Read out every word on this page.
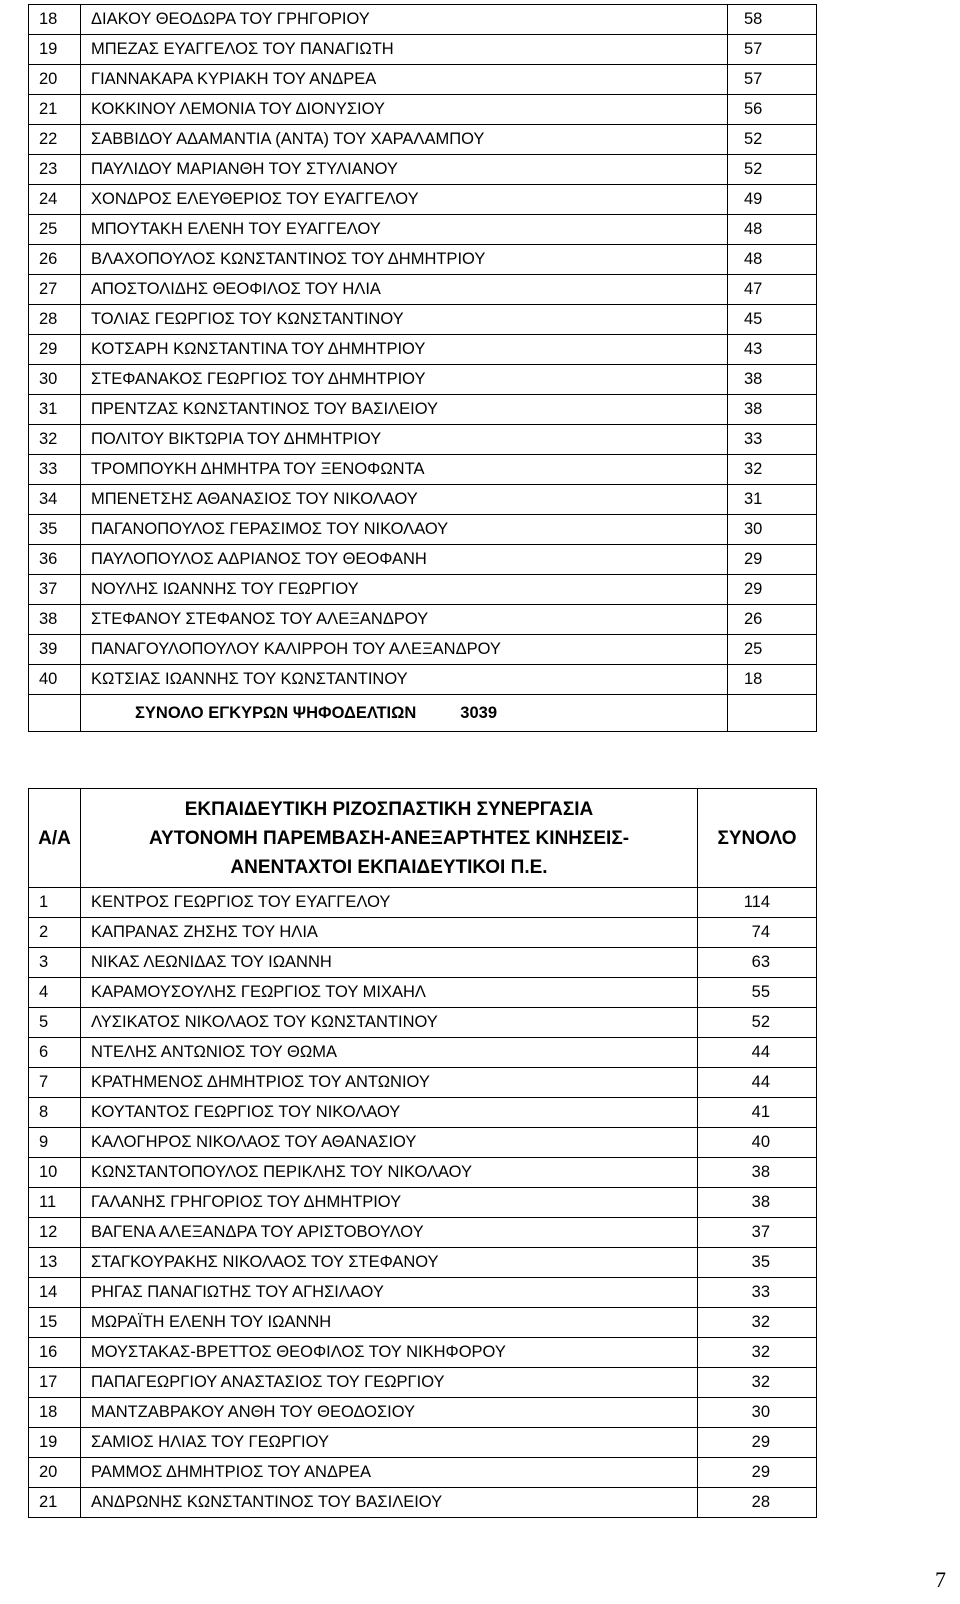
18	ΔΙΑΚΟΥ ΘΕΟΔΩΡΑ ΤΟΥ ΓΡΗΓΟΡΙΟΥ	58
19	ΜΠΕΖΑΣ ΕΥΑΓΓΕΛΟΣ ΤΟΥ ΠΑΝΑΓΙΩΤΗ	57
20	ΓΙΑΝΝΑΚΑΡΑ ΚΥΡΙΑΚΗ ΤΟΥ ΑΝΔΡΕΑ	57
21	ΚΟΚΚΙΝΟΥ ΛΕΜΟΝΙΑ ΤΟΥ ΔΙΟΝΥΣΙΟΥ	56
22	ΣΑΒΒΙΔΟΥ ΑΔΑΜΑΝΤΙΑ (ΑΝΤΑ) ΤΟΥ ΧΑΡΑΛΑΜΠΟΥ	52
23	ΠΑΥΛΙΔΟΥ ΜΑΡΙΑΝΘΗ ΤΟΥ ΣΤΥΛΙΑΝΟΥ	52
24	ΧΟΝΔΡΟΣ ΕΛΕΥΘΕΡΙΟΣ ΤΟΥ ΕΥΑΓΓΕΛΟΥ	49
25	ΜΠΟΥΤΑΚΗ ΕΛΕΝΗ ΤΟΥ ΕΥΑΓΓΕΛΟΥ	48
26	ΒΛΑΧΟΠΟΥΛΟΣ ΚΩΝΣΤΑΝΤΙΝΟΣ ΤΟΥ ΔΗΜΗΤΡΙΟΥ	48
27	ΑΠΟΣΤΟΛΙΔΗΣ ΘΕΟΦΙΛΟΣ ΤΟΥ ΗΛΙΑ	47
28	ΤΟΛΙΑΣ ΓΕΩΡΓΙΟΣ ΤΟΥ ΚΩΝΣΤΑΝΤΙΝΟΥ	45
29	ΚΟΤΣΑΡΗ ΚΩΝΣΤΑΝΤΙΝΑ ΤΟΥ ΔΗΜΗΤΡΙΟΥ	43
30	ΣΤΕΦΑΝΑΚΟΣ ΓΕΩΡΓΙΟΣ ΤΟΥ ΔΗΜΗΤΡΙΟΥ	38
31	ΠΡΕΝΤΖΑΣ ΚΩΝΣΤΑΝΤΙΝΟΣ ΤΟΥ ΒΑΣΙΛΕΙΟΥ	38
32	ΠΟΛΙΤΟΥ ΒΙΚΤΩΡΙΑ ΤΟΥ ΔΗΜΗΤΡΙΟΥ	33
33	ΤΡΟΜΠΟΥΚΗ ΔΗΜΗΤΡΑ ΤΟΥ ΞΕΝΟΦΩΝΤΑ	32
34	ΜΠΕΝΕΤΣΗΣ ΑΘΑΝΑΣΙΟΣ ΤΟΥ ΝΙΚΟΛΑΟΥ	31
35	ΠΑΓΑΝΟΠΟΥΛΟΣ ΓΕΡΑΣΙΜΟΣ ΤΟΥ ΝΙΚΟΛΑΟΥ	30
36	ΠΑΥΛΟΠΟΥΛΟΣ ΑΔΡΙΑΝΟΣ ΤΟΥ ΘΕΟΦΑΝΗ	29
37	ΝΟΥΛΗΣ ΙΩΑΝΝΗΣ ΤΟΥ ΓΕΩΡΓΙΟΥ	29
38	ΣΤΕΦΑΝΟΥ ΣΤΕΦΑΝΟΣ ΤΟΥ ΑΛΕΞΑΝΔΡΟΥ	26
39	ΠΑΝΑΓΟΥΛΟΠΟΥΛΟΥ ΚΑΛΙΡΡΟΗ ΤΟΥ ΑΛΕΞΑΝΔΡΟΥ	25
40	ΚΩΤΣΙΑΣ ΙΩΑΝΝΗΣ ΤΟΥ ΚΩΝΣΤΑΝΤΙΝΟΥ	18
	ΣΥΝΟΛΟ ΕΓΚΥΡΩΝ ΨΗΦΟΔΕΛΤΙΩΝ 3039	
Α/Α	ΕΚΠΑΙΔΕΥΤΙΚΗ ΡΙΖΟΣΠΑΣΤΙΚΗ ΣΥΝΕΡΓΑΣΙΑ
ΑΥΤΟΝΟΜΗ ΠΑΡΕΜΒΑΣΗ-ΑΝΕΞΑΡΤΗΤΕΣ ΚΙΝΗΣΕΙΣ-
ΑΝΕΝΤΑΧΤΟΙ ΕΚΠΑΙΔΕΥΤΙΚΟΙ Π.Ε.	ΣΥΝΟΛΟ
1	ΚΕΝΤΡΟΣ ΓΕΩΡΓΙΟΣ ΤΟΥ ΕΥΑΓΓΕΛΟΥ	114
2	ΚΑΠΡΑΝΑΣ ΖΗΣΗΣ ΤΟΥ ΗΛΙΑ	74
3	ΝΙΚΑΣ ΛΕΩΝΙΔΑΣ ΤΟΥ ΙΩΑΝΝΗ	63
4	ΚΑΡΑΜΟΥΣΟΥΛΗΣ ΓΕΩΡΓΙΟΣ ΤΟΥ ΜΙΧΑΗΛ	55
5	ΛΥΣΙΚΑΤΟΣ ΝΙΚΟΛΑΟΣ ΤΟΥ ΚΩΝΣΤΑΝΤΙΝΟΥ	52
6	ΝΤΕΛΗΣ ΑΝΤΩΝΙΟΣ ΤΟΥ ΘΩΜΑ	44
7	ΚΡΑΤΗΜΕΝΟΣ ΔΗΜΗΤΡΙΟΣ ΤΟΥ ΑΝΤΩΝΙΟΥ	44
8	ΚΟΥΤΑΝΤΟΣ ΓΕΩΡΓΙΟΣ ΤΟΥ ΝΙΚΟΛΑΟΥ	41
9	ΚΑΛΟΓΗΡΟΣ ΝΙΚΟΛΑΟΣ ΤΟΥ ΑΘΑΝΑΣΙΟΥ	40
10	ΚΩΝΣΤΑΝΤΟΠΟΥΛΟΣ ΠΕΡΙΚΛΗΣ ΤΟΥ ΝΙΚΟΛΑΟΥ	38
11	ΓΑΛΑΝΗΣ ΓΡΗΓΟΡΙΟΣ ΤΟΥ ΔΗΜΗΤΡΙΟΥ	38
12	ΒΑΓΕΝΑ ΑΛΕΞΑΝΔΡΑ ΤΟΥ ΑΡΙΣΤΟΒΟΥΛΟΥ	37
13	ΣΤΑΓΚΟΥΡΑΚΗΣ ΝΙΚΟΛΑΟΣ ΤΟΥ ΣΤΕΦΑΝΟΥ	35
14	ΡΗΓΑΣ ΠΑΝΑΓΙΩΤΗΣ ΤΟΥ ΑΓΗΣΙΛΑΟΥ	33
15	ΜΩΡΑΪΤΗ ΕΛΕΝΗ ΤΟΥ ΙΩΑΝΝΗ	32
16	ΜΟΥΣΤΑΚΑΣ-ΒΡΕΤΤΟΣ ΘΕΟΦΙΛΟΣ ΤΟΥ ΝΙΚΗΦΟΡΟΥ	32
17	ΠΑΠΑΓΕΩΡΓΙΟΥ ΑΝΑΣΤΑΣΙΟΣ ΤΟΥ ΓΕΩΡΓΙΟΥ	32
18	ΜΑΝΤΖΑΒΡΑΚΟΥ ΑΝΘΗ ΤΟΥ ΘΕΟΔΟΣΙΟΥ	30
19	ΣΑΜΙΟΣ ΗΛΙΑΣ ΤΟΥ ΓΕΩΡΓΙΟΥ	29
20	ΡΑΜΜΟΣ ΔΗΜΗΤΡΙΟΣ ΤΟΥ ΑΝΔΡΕΑ	29
21	ΑΝΔΡΩΝΗΣ ΚΩΝΣΤΑΝΤΙΝΟΣ ΤΟΥ ΒΑΣΙΛΕΙΟΥ	28
7
